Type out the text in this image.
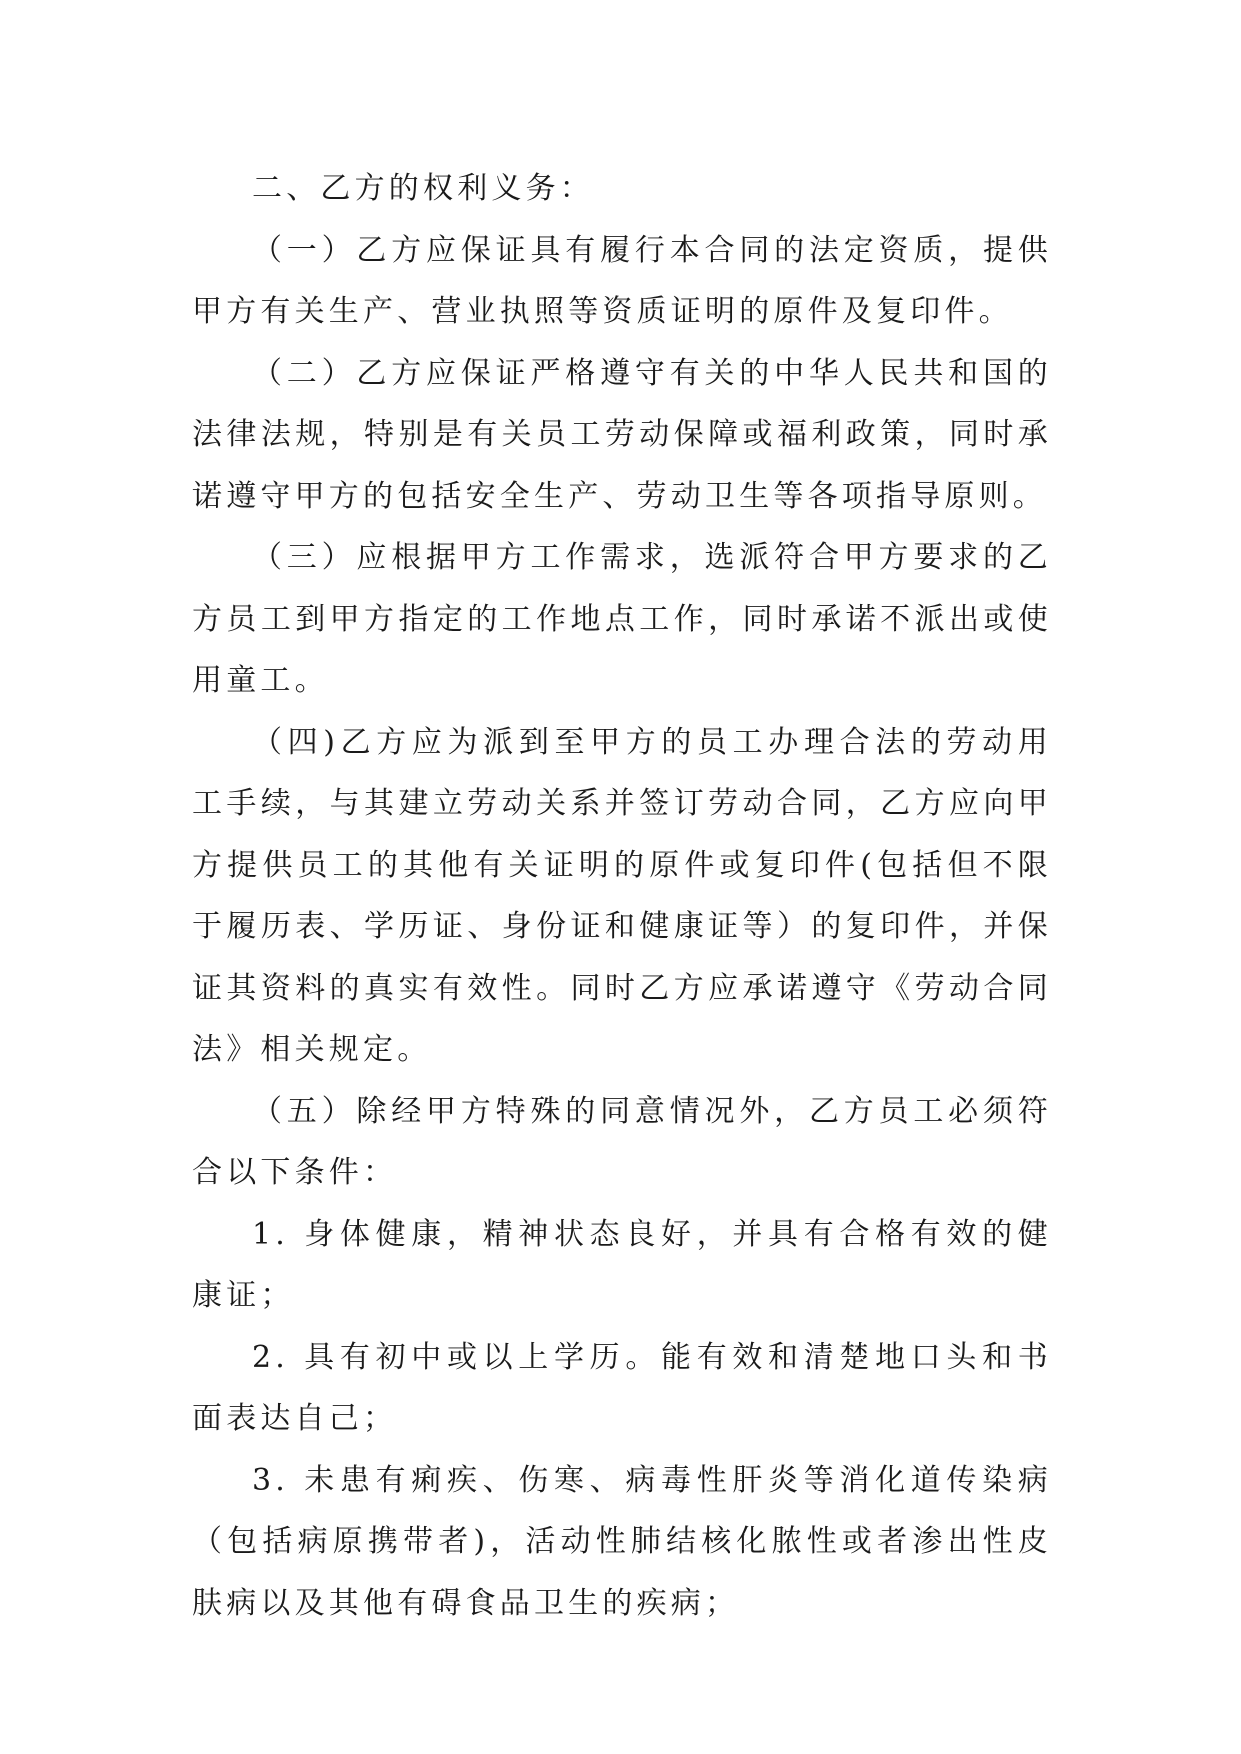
二、乙方的权利义务：

（一）乙方应保证具有履行本合同的法定资质，提供甲方有关生产、营业执照等资质证明的原件及复印件。

（二）乙方应保证严格遵守有关的中华人民共和国的法律法规，特别是有关员工劳动保障或福利政策，同时承诺遵守甲方的包括安全生产、劳动卫生等各项指导原则。

（三）应根据甲方工作需求，选派符合甲方要求的乙方员工到甲方指定的工作地点工作，同时承诺不派出或使用童工。

（四)乙方应为派到至甲方的员工办理合法的劳动用工手续，与其建立劳动关系并签订劳动合同，乙方应向甲方提供员工的其他有关证明的原件或复印件(包括但不限于履历表、学历证、身份证和健康证等）的复印件，并保证其资料的真实有效性。同时乙方应承诺遵守《劳动合同法》相关规定。

（五）除经甲方特殊的同意情况外，乙方员工必须符合以下条件：

1. 身体健康，精神状态良好，并具有合格有效的健康证；

2. 具有初中或以上学历。能有效和清楚地口头和书面表达自己；

3. 未患有痢疾、伤寒、病毒性肝炎等消化道传染病（包括病原携带者)，活动性肺结核化脓性或者渗出性皮肤病以及其他有碍食品卫生的疾病；
